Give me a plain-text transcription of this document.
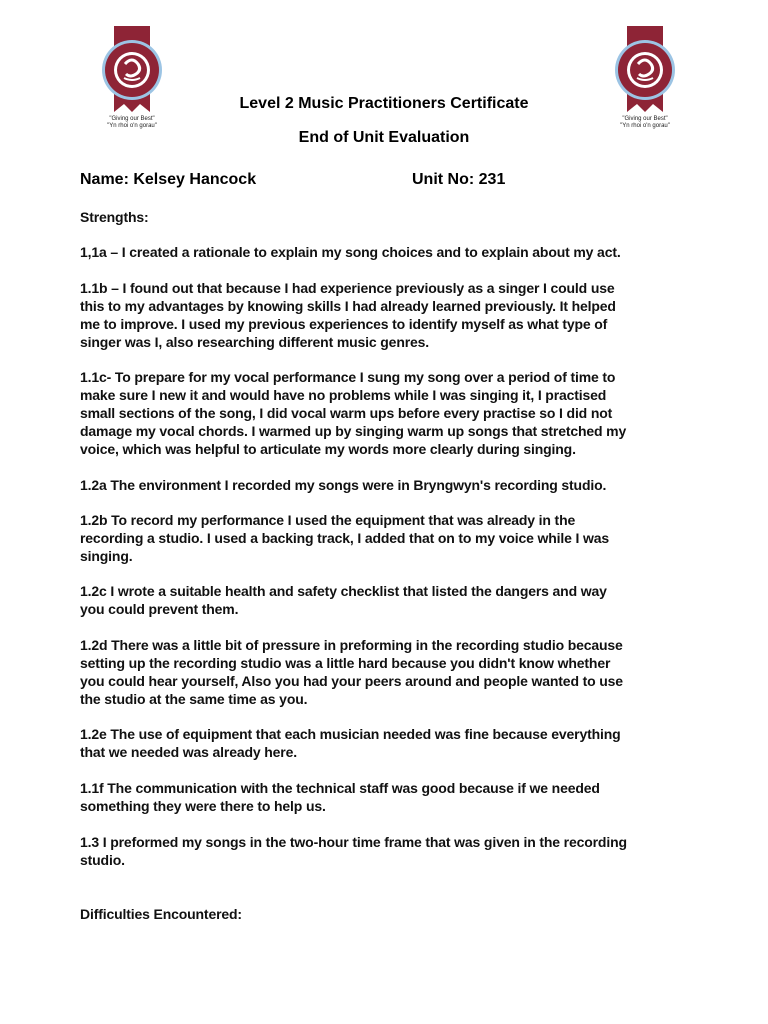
"Giving our Best"
"Yn rhoi o'n gorau"
"Giving our Best"
"Yn rhoi o'n gorau"
Level 2 Music Practitioners Certificate
End of Unit Evaluation
Name: Kelsey Hancock	Unit No: 231
Strengths:
1,1a – I created a rationale to explain my song choices and to explain about my act.
1.1b – I found out that because I had experience previously as a singer I could use
this to my advantages by knowing skills I had already learned previously. It helped
me to improve. I used my previous experiences to identify myself as what type of
singer was I, also researching different music genres.
1.1c- To prepare for my vocal performance I sung my song over a period of time to
make sure I new it and would have no problems while I was singing it, I practised
small sections of the song, I did vocal warm ups before every practise so I did not
damage my vocal chords. I warmed up by singing warm up songs that stretched my
voice, which was helpful to articulate my words more clearly during singing.
1.2a The environment I recorded my songs were in Bryngwyn's recording studio.
1.2b To record my performance I used the equipment that was already in the
recording a studio. I used a backing track, I added that on to my voice while I was
singing.
1.2c I wrote a suitable health and safety checklist that listed the dangers and way
you could prevent them.
1.2d There was a little bit of pressure in preforming in the recording studio because
setting up the recording studio was a little hard because you didn't know whether
you could hear yourself, Also you had your peers around and people wanted to use
the studio at the same time as you.
1.2e The use of equipment that each musician needed was fine because everything
that we needed was already here.
1.1f The communication with the technical staff was good because if we needed
something they were there to help us.
1.3 I preformed my songs in the two-hour time frame that was given in the recording
studio.
Difficulties Encountered:
